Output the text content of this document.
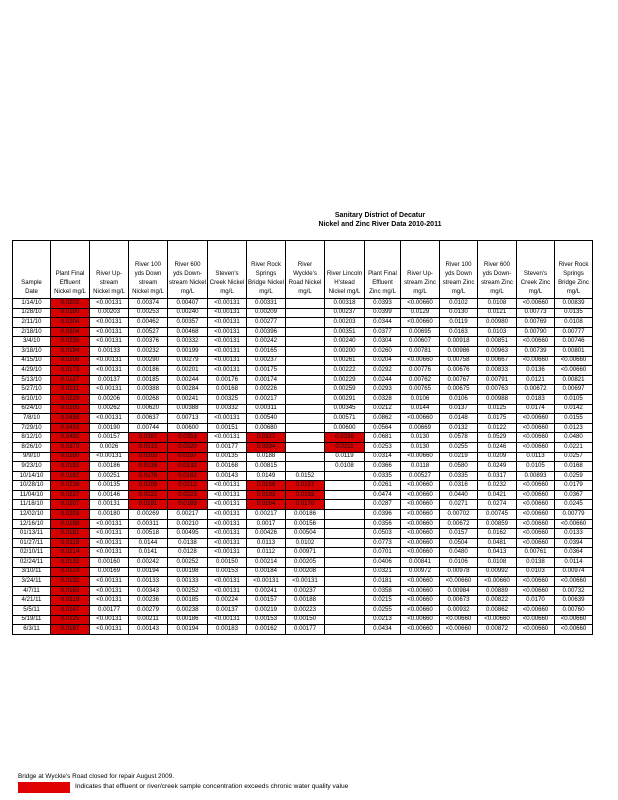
Sanitary District of Decatur
Nickel and Zinc River Data 2010-2011
Sample Date	Plant Final Effluent Nickel mg/L	River Up-stream Nickel mg/L	River 100 yds Down stream Nickel mg/L	River 600 yds Down-stream Nickel mg/L	Steven's Creek Nickel mg/L	River Rock Springs Bridge Nickel mg/L	River Wyckle's Road Nickel mg/L	River Lincoln H'stead Nickel mg/L	Plant Final Effluent Zinc mg/L	River Up-stream Zinc mg/L	River 100 yds Down stream Zinc mg/L	River 600 yds Down-stream Zinc mg/L	Steven's Creek Zinc mg/L	River Rock Springs Bridge Zinc mg/L
1/14/10	0.0202	<0.00131	0.00374	0.00407	<0.00131	0.00331		0.00318	0.0393	<0.00660	0.0102	0.0108	<0.00660	0.00839
1/28/10	0.0180	0.00203	0.00253	0.00240	<0.00131	0.00209		0.00237	0.0399	0.0129	0.0130	0.0121	0.00773	0.0135
2/11/10	0.0204	<0.00131	0.00462	0.00357	<0.00131	0.00277		0.00203	0.0344	<0.00660	0.0119	0.00980	0.00769	0.0108
2/18/10	0.0304	<0.00131	0.00527	0.00468	<0.00131	0.00396		0.00351	0.0377	0.00695	0.0163	0.0103	0.00790	0.00777
3/4/10	0.0235	<0.00131	0.00376	0.00332	<0.00131	0.00242		0.00240	0.0304	0.00607	0.00918	0.00851	<0.00660	0.00746
3/18/10	0.0194	0.00133	0.00232	0.00199	<0.00131	0.00165		0.00200	0.0260	0.00781	0.00986	0.00963	0.00739	0.00801
4/15/10	0.0208	<0.00131	0.00290	0.00279	<0.00131	0.00237		0.00261	0.0204	<0.00660	0.00758	0.00667	<0.00660	<0.00660
4/29/10	0.0173	<0.00131	0.00186	0.00201	<0.00131	0.00175		0.00222	0.0292	0.00776	0.00676	0.00833	0.0136	<0.00660
5/13/10	0.0127	0.00137	0.00185	0.00244	0.00176	0.00174		0.00229	0.0244	0.00762	0.00767	0.00791	0.0121	0.00821
5/27/10	0.0211	<0.00131	0.00388	0.00284	0.00168	0.00226		0.00259	0.0293	0.00765	0.00675	0.00763	0.00672	0.00697
6/10/10	0.0229	0.00206	0.00268	0.00241	0.00325	0.00217		0.00291	0.0328	0.0106	0.0106	0.00988	0.0183	0.0105
6/24/10	0.0205	0.00262	0.00620	0.00388	0.00332	0.00311		0.00345	0.0212	0.0144	0.0137	0.0125	0.0174	0.0142
7/8/10	0.0458	<0.00131	0.00637	0.00713	<0.00131	0.00540		0.00571	0.0862	<0.00660	0.0148	0.0175	<0.00660	0.0155
7/29/10	0.0433	0.00190	0.00744	0.00600	0.00151	0.00680		0.00600	0.0564	0.00669	0.0132	0.0122	<0.00660	0.0123
8/12/10	0.0492	0.00157	0.0307	0.0353	<0.00131	0.0327		0.0338	0.0681	0.0130	0.0578	0.0529	<0.00660	0.0480
8/26/10	0.0370	0.0026	0.0313	0.0320	0.00177	0.0294		0.0211	0.0253	0.0130	0.0255	0.0246	<0.00660	0.0221
9/9/10	0.0280	<0.00131	0.0203	0.0197	0.00135	0.0188		0.0119	0.0314	<0.00660	0.0219	0.0209	0.0113	0.0257
9/23/10	0.0192	0.00186	0.0136	0.0132	0.00168	0.00815		0.0108	0.0366	0.0118	0.0580	0.0249	0.0105	0.0168
10/14/10	0.0182	0.00251	0.0178	0.0182	0.00143	0.0149	0.0152		0.0335	0.00527	0.0335	0.0317	0.00893	0.0259
10/28/10	0.0238	0.00135	0.0209	0.0212	<0.00131	0.0158	0.0157		0.0261	<0.00660	0.0316	0.0232	<0.00660	0.0179
11/04/10	0.0227	0.00146	0.0222	0.0223	<0.00131	0.0193	0.0193		0.0474	<0.00660	0.0440	0.0421	<0.00660	0.0367
11/18/10	0.0207	0.00131	0.0191	0.0169	<0.00131	0.0164	0.0170		0.0287	<0.00660	0.0271	0.0274	<0.00660	0.0245
12/02/10	0.0203	0.00180	0.00269	0.00217	<0.00131	0.00217	0.00186		0.0396	<0.00660	0.00702	0.00745	<0.00660	0.00779
12/16/10	0.0199	<0.00131	0.00311	0.00210	<0.00131	0.0017	0.00156		0.0356	<0.00660	0.00672	0.00859	<0.00660	<0.00660
01/13/11	0.0181	<0.00131	0.00518	0.00495	<0.00131	0.00426	0.00504		0.0503	<0.00660	0.0157	0.0162	<0.00660	0.0133
01/27/11	0.0118	<0.00131	0.0144	0.0138	<0.00131	0.0113	0.0102		0.0773	<0.00660	0.0504	0.0481	<0.00660	0.0394
02/10/11	0.0214	<0.00131	0.0141	0.0128	<0.00131	0.0112	0.00971		0.0701	<0.00660	0.0480	0.0413	0.00761	0.0364
02/24/11	0.0132	0.00160	0.00242	0.00252	0.00150	0.00214	0.00205		0.0406	0.00841	0.0106	0.0108	0.0138	0.0114
3/10/11	0.0123	0.00169	0.00194	0.00198	0.00153	0.00184	0.00208		0.0321	0.00972	0.00978	0.00992	0.0103	0.00974
3/24/11	0.0132	<0.00131	0.00133	0.00133	<0.00131	<0.00131	<0.00131		0.0181	<0.00660	<0.00660	<0.00660	<0.00660	<0.00660
4/7/11	0.0163	<0.00131	0.00343	0.00252	<0.00131	0.00241	0.00237		0.0358	<0.00660	0.00984	0.00889	<0.00660	0.00732
4/21/11	0.0118	<0.00131	0.00236	0.00185	0.00224	0.00157	0.00188		0.0215	<0.00660	0.00673	0.00822	0.0170	0.00639
5/5/11	0.0147	0.00177	0.00279	0.00238	0.00137	0.00219	0.00223		0.0255	<0.00660	0.00932	0.00862	<0.00660	0.00760
5/19/11	0.0125	<0.00131	0.00211	0.00186	<0.00131	0.00153	0.00150		0.0213	<0.00660	<0.00660	<0.00660	<0.00660	<0.00660
6/3/11	0.0187	<0.00131	0.00143	0.00194	0.00183	0.00162	0.00177		0.0434	<0.00660	<0.00660	0.00872	<0.00660	<0.00660
Bridge at Wyckle's Road closed for repair August 2009.
Indicates that effluent or river/creek sample concentration exceeds chronic water quality value
